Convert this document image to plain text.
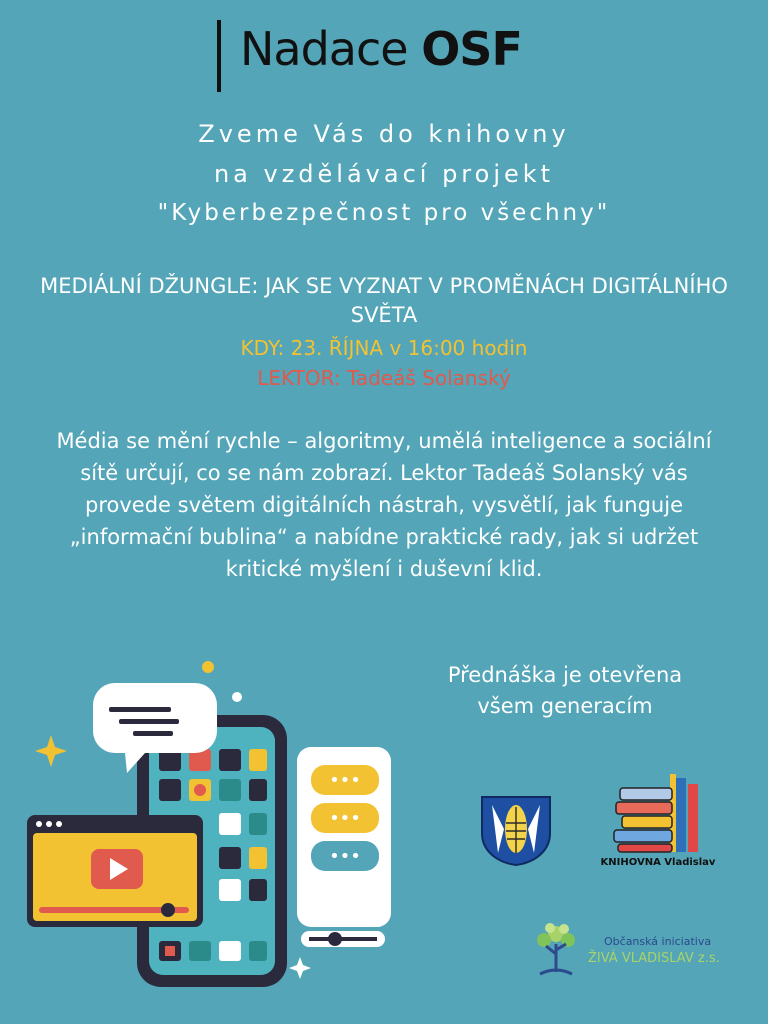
Nadace OSF
Zveme Vás do knihovny
na vzdělávací projekt
"Kyberbezpečnost pro všechny"
MEDIÁLNÍ DŽUNGLE: JAK SE VYZNAT V PROMĚNÁCH DIGITÁLNÍHO SVĚTA
KDY: 23. ŘÍJNA v 16:00 hodin
LEKTOR: Tadeáš Solanský
Média se mění rychle – algoritmy, umělá inteligence a sociální sítě určují, co se nám zobrazí. Lektor Tadeáš Solanský vás provede světem digitálních nástrah, vysvětlí, jak funguje „informační bublina“ a nabídne praktické rady, jak si udržet kritické myšlení i duševní klid.
Přednáška je otevřena všem generacím
•••
•••
•••	KNIHOVNA Vladislav
Občanská iniciativa
ŽIVÁ VLADISLAV z.s.
